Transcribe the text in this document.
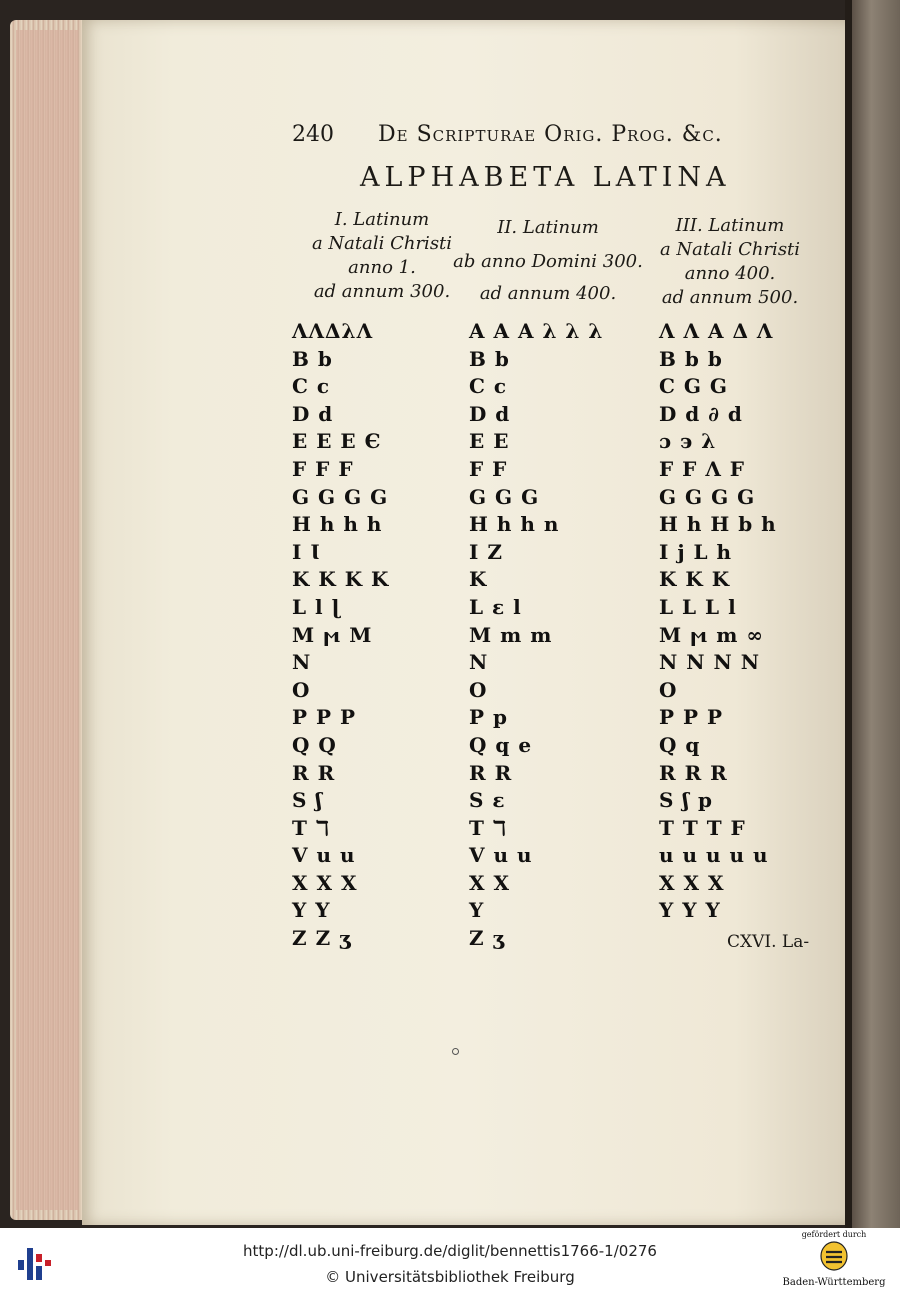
240 De Scripturae Orig. Prog. &c.
ALPHABETA LATINA
I. Latinum
a Natali Christi
anno 1.
ad annum 300.
II. Latinum
ab anno Domini 300.
ad annum 400.
III. Latinum
a Natali Christi
anno 400.
ad annum 500.
ΛΛΔλΛ
B b
C c
D d
E E E Є
F F F
G G G G
H h h h
I Ɩ
K K K K
L l ɭ
M ϻ M
N
O
P P P
Q Q
R R
S ʃ
T ℸ
V u u
X X X
Y Y
Z Z ʒ
A A A λ λ λ
B b
C c
D d
E E
F F
G G G
H h h n
I Z
K
L ɛ l
M m m
N
O
P p
Q q e
R R
S ɛ
T ℸ
V u u
X X
Y
Z ʒ
Λ Λ A Δ Λ
B b b
C G G
D d ∂ d
ɔ ϶ λ
F F Λ F
G G G G
H h H b h
I j L h
K K K
L L L l
M ϻ m ∞
N N N N
O
P P P
Q q
R R R
S ʃ p
T T T F
u u u u u
X X X
Y Y Y
CXVI. La-
http://dl.ub.uni-freiburg.de/diglit/bennettis1766-1/0276
© Universitätsbibliothek Freiburg
gefördert durch
Baden-Württemberg
